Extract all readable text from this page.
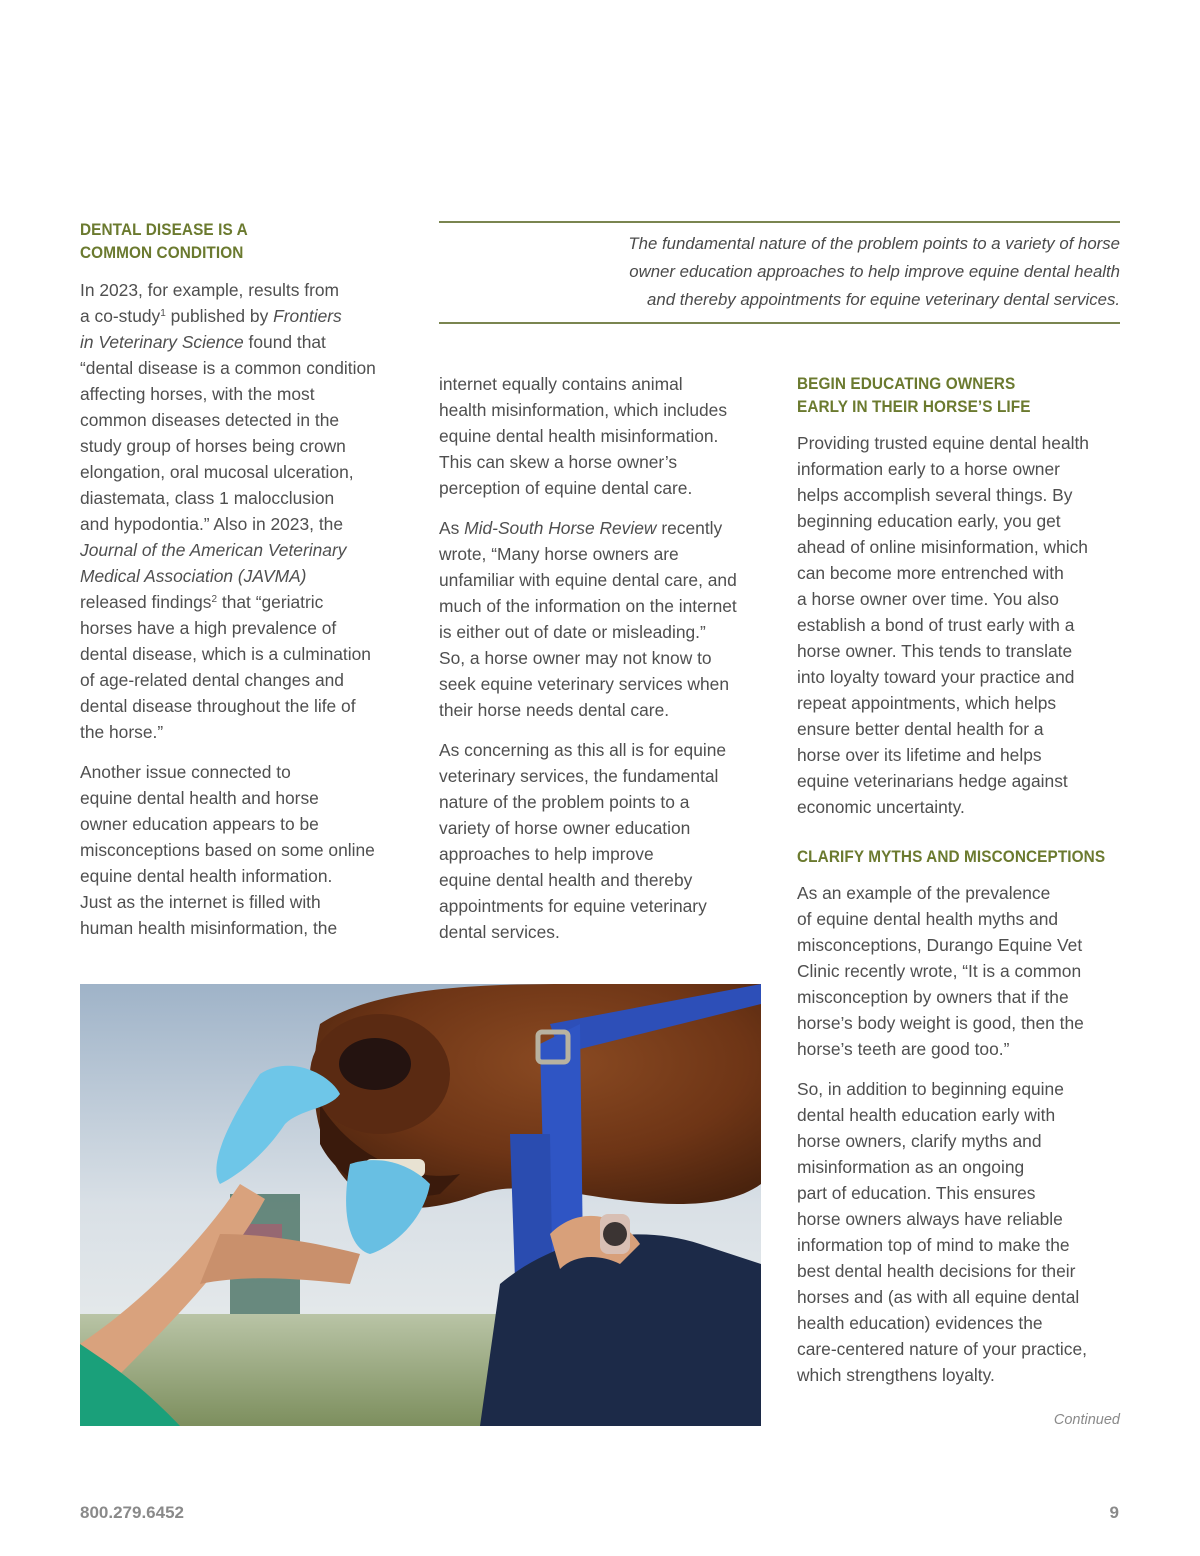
DENTAL DISEASE IS A
COMMON CONDITION
In 2023, for example, results from
a co-study$^1$ published by Frontiers
in Veterinary Science found that
“dental disease is a common condition
affecting horses, with the most
common diseases detected in the
study group of horses being crown
elongation, oral mucosal ulceration,
diastemata, class 1 malocclusion
and hypodontia.” Also in 2023, the
Journal of the American Veterinary
Medical Association (JAVMA)
released findings$^2$ that “geriatric
horses have a high prevalence of
dental disease, which is a culmination
of age-related dental changes and
dental disease throughout the life of
the horse.”
Another issue connected to
equine dental health and horse
owner education appears to be
misconceptions based on some online
equine dental health information.
Just as the internet is filled with
human health misinformation, the
The fundamental nature of the problem points to a variety of horse
owner education approaches to help improve equine dental health
and thereby appointments for equine veterinary dental services.
internet equally contains animal
health misinformation, which includes
equine dental health misinformation.
This can skew a horse owner’s
perception of equine dental care.
As Mid-South Horse Review recently
wrote, “Many horse owners are
unfamiliar with equine dental care, and
much of the information on the internet
is either out of date or misleading.”
So, a horse owner may not know to
seek equine veterinary services when
their horse needs dental care.
As concerning as this all is for equine
veterinary services, the fundamental
nature of the problem points to a
variety of horse owner education
approaches to help improve
equine dental health and thereby
appointments for equine veterinary
dental services.
BEGIN EDUCATING OWNERS
EARLY IN THEIR HORSE’S LIFE
Providing trusted equine dental health
information early to a horse owner
helps accomplish several things. By
beginning education early, you get
ahead of online misinformation, which
can become more entrenched with
a horse owner over time. You also
establish a bond of trust early with a
horse owner. This tends to translate
into loyalty toward your practice and
repeat appointments, which helps
ensure better dental health for a
horse over its lifetime and helps
equine veterinarians hedge against
economic uncertainty.
CLARIFY MYTHS AND MISCONCEPTIONS
As an example of the prevalence
of equine dental health myths and
misconceptions, Durango Equine Vet
Clinic recently wrote, “It is a common
misconception by owners that if the
horse’s body weight is good, then the
horse’s teeth are good too.”
So, in addition to beginning equine
dental health education early with
horse owners, clarify myths and
misinformation as an ongoing
part of education. This ensures
horse owners always have reliable
information top of mind to make the
best dental health decisions for their
horses and (as with all equine dental
health education) evidences the
care-centered nature of your practice,
which strengthens loyalty.
Continued
800.279.6452	9
